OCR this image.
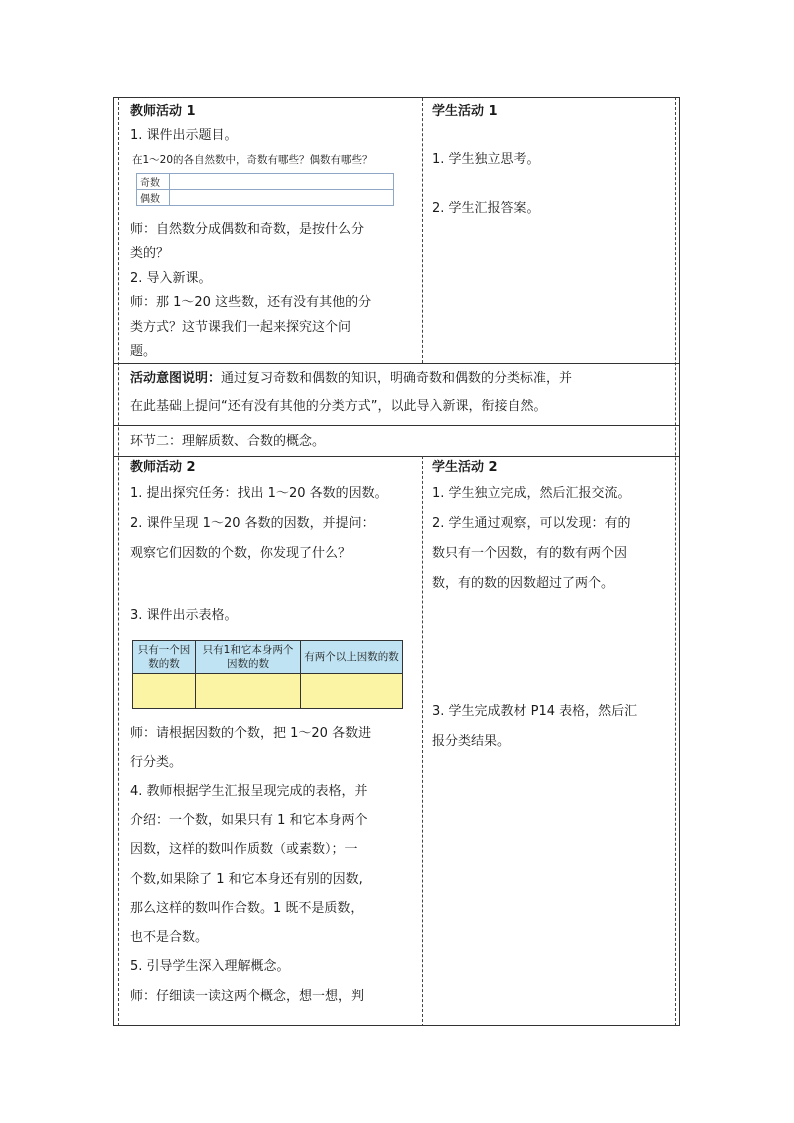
教师活动 1
1. 课件出示题目。
在1～20的各自然数中，奇数有哪些？偶数有哪些？
奇数	
偶数	
师：自然数分成偶数和奇数，是按什么分
类的？
2. 导入新课。
师：那 1～20 这些数，还有没有其他的分
类方式？这节课我们一起来探究这个问
题。
学生活动 1
1. 学生独立思考。
2. 学生汇报答案。
活动意图说明：通过复习奇数和偶数的知识，明确奇数和偶数的分类标准，并
在此基础上提问“还有没有其他的分类方式”，以此导入新课，衔接自然。
环节二：理解质数、合数的概念。
教师活动 2
1. 提出探究任务：找出 1～20 各数的因数。
2. 课件呈现 1～20 各数的因数，并提问：
观察它们因数的个数，你发现了什么？
3. 课件出示表格。
只有一个因数的数	只有1和它本身两个因数的数	有两个以上因数的数

师：请根据因数的个数，把 1～20 各数进
行分类。
4. 教师根据学生汇报呈现完成的表格，并
介绍：一个数，如果只有 1 和它本身两个
因数，这样的数叫作质数（或素数）；一
个数,如果除了 1 和它本身还有别的因数,
那么这样的数叫作合数。1 既不是质数，
也不是合数。
5. 引导学生深入理解概念。
师：仔细读一读这两个概念，想一想，判
学生活动 2
1. 学生独立完成，然后汇报交流。
2. 学生通过观察，可以发现：有的
数只有一个因数，有的数有两个因
数，有的数的因数超过了两个。
3. 学生完成教材 P14 表格，然后汇
报分类结果。
